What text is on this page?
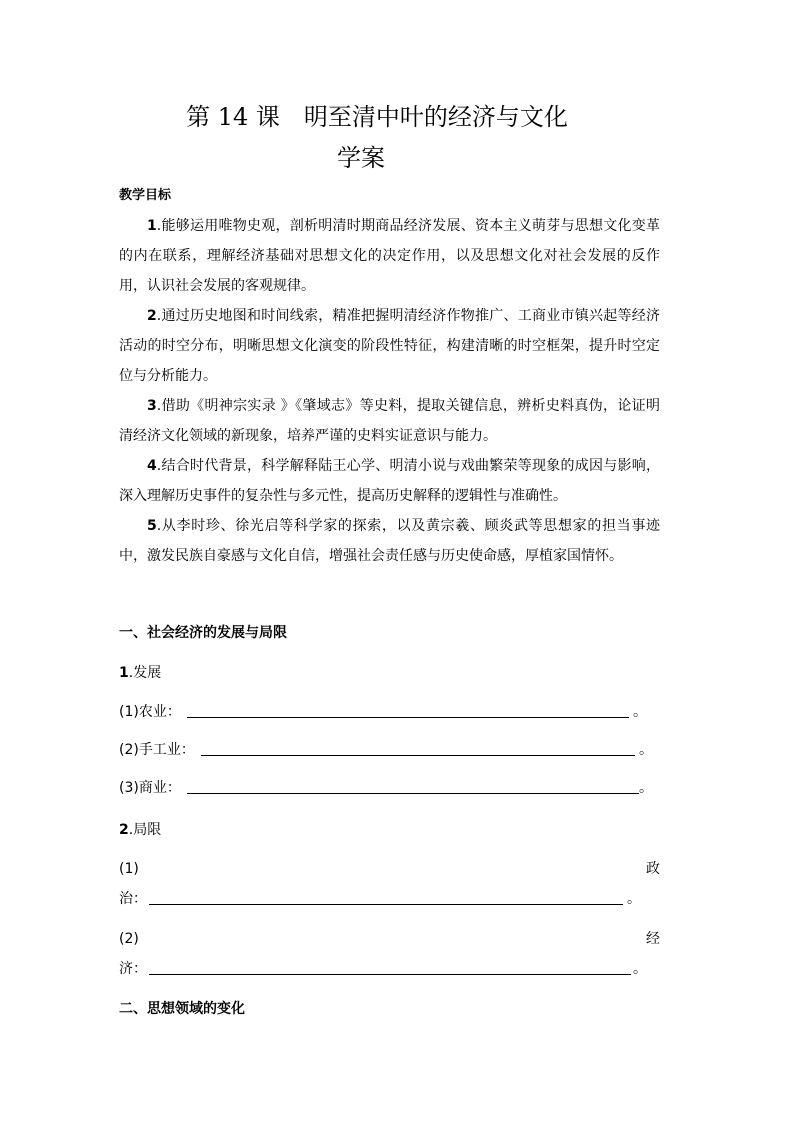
第 14 课　明至清中叶的经济与文化
学案
教学目标

1.能够运用唯物史观，剖析明清时期商品经济发展、资本主义萌芽与思想文化变革的内在联系，理解经济基础对思想文化的决定作用，以及思想文化对社会发展的反作用，认识社会发展的客观规律。

2.通过历史地图和时间线索，精准把握明清经济作物推广、工商业市镇兴起等经济活动的时空分布，明晰思想文化演变的阶段性特征，构建清晰的时空框架，提升时空定位与分析能力。

3.借助《明神宗实录 》《肇域志》等史料，提取关键信息，辨析史料真伪，论证明清经济文化领域的新现象，培养严谨的史料实证意识与能力。

4.结合时代背景，科学解释陆王心学、明清小说与戏曲繁荣等现象的成因与影响，深入理解历史事件的复杂性与多元性，提高历史解释的逻辑性与准确性。

5.从李时珍、徐光启等科学家的探索，以及黄宗羲、顾炎武等思想家的担当事迹中，激发民族自豪感与文化自信，增强社会责任感与历史使命感，厚植家国情怀。

一、社会经济的发展与局限
1.发展
(1)农业：	。
(2)手工业：	。
(3)商业：	。
2.局限
(1)	政
治：	。
(2)	经
济：	。
二、思想领域的变化
